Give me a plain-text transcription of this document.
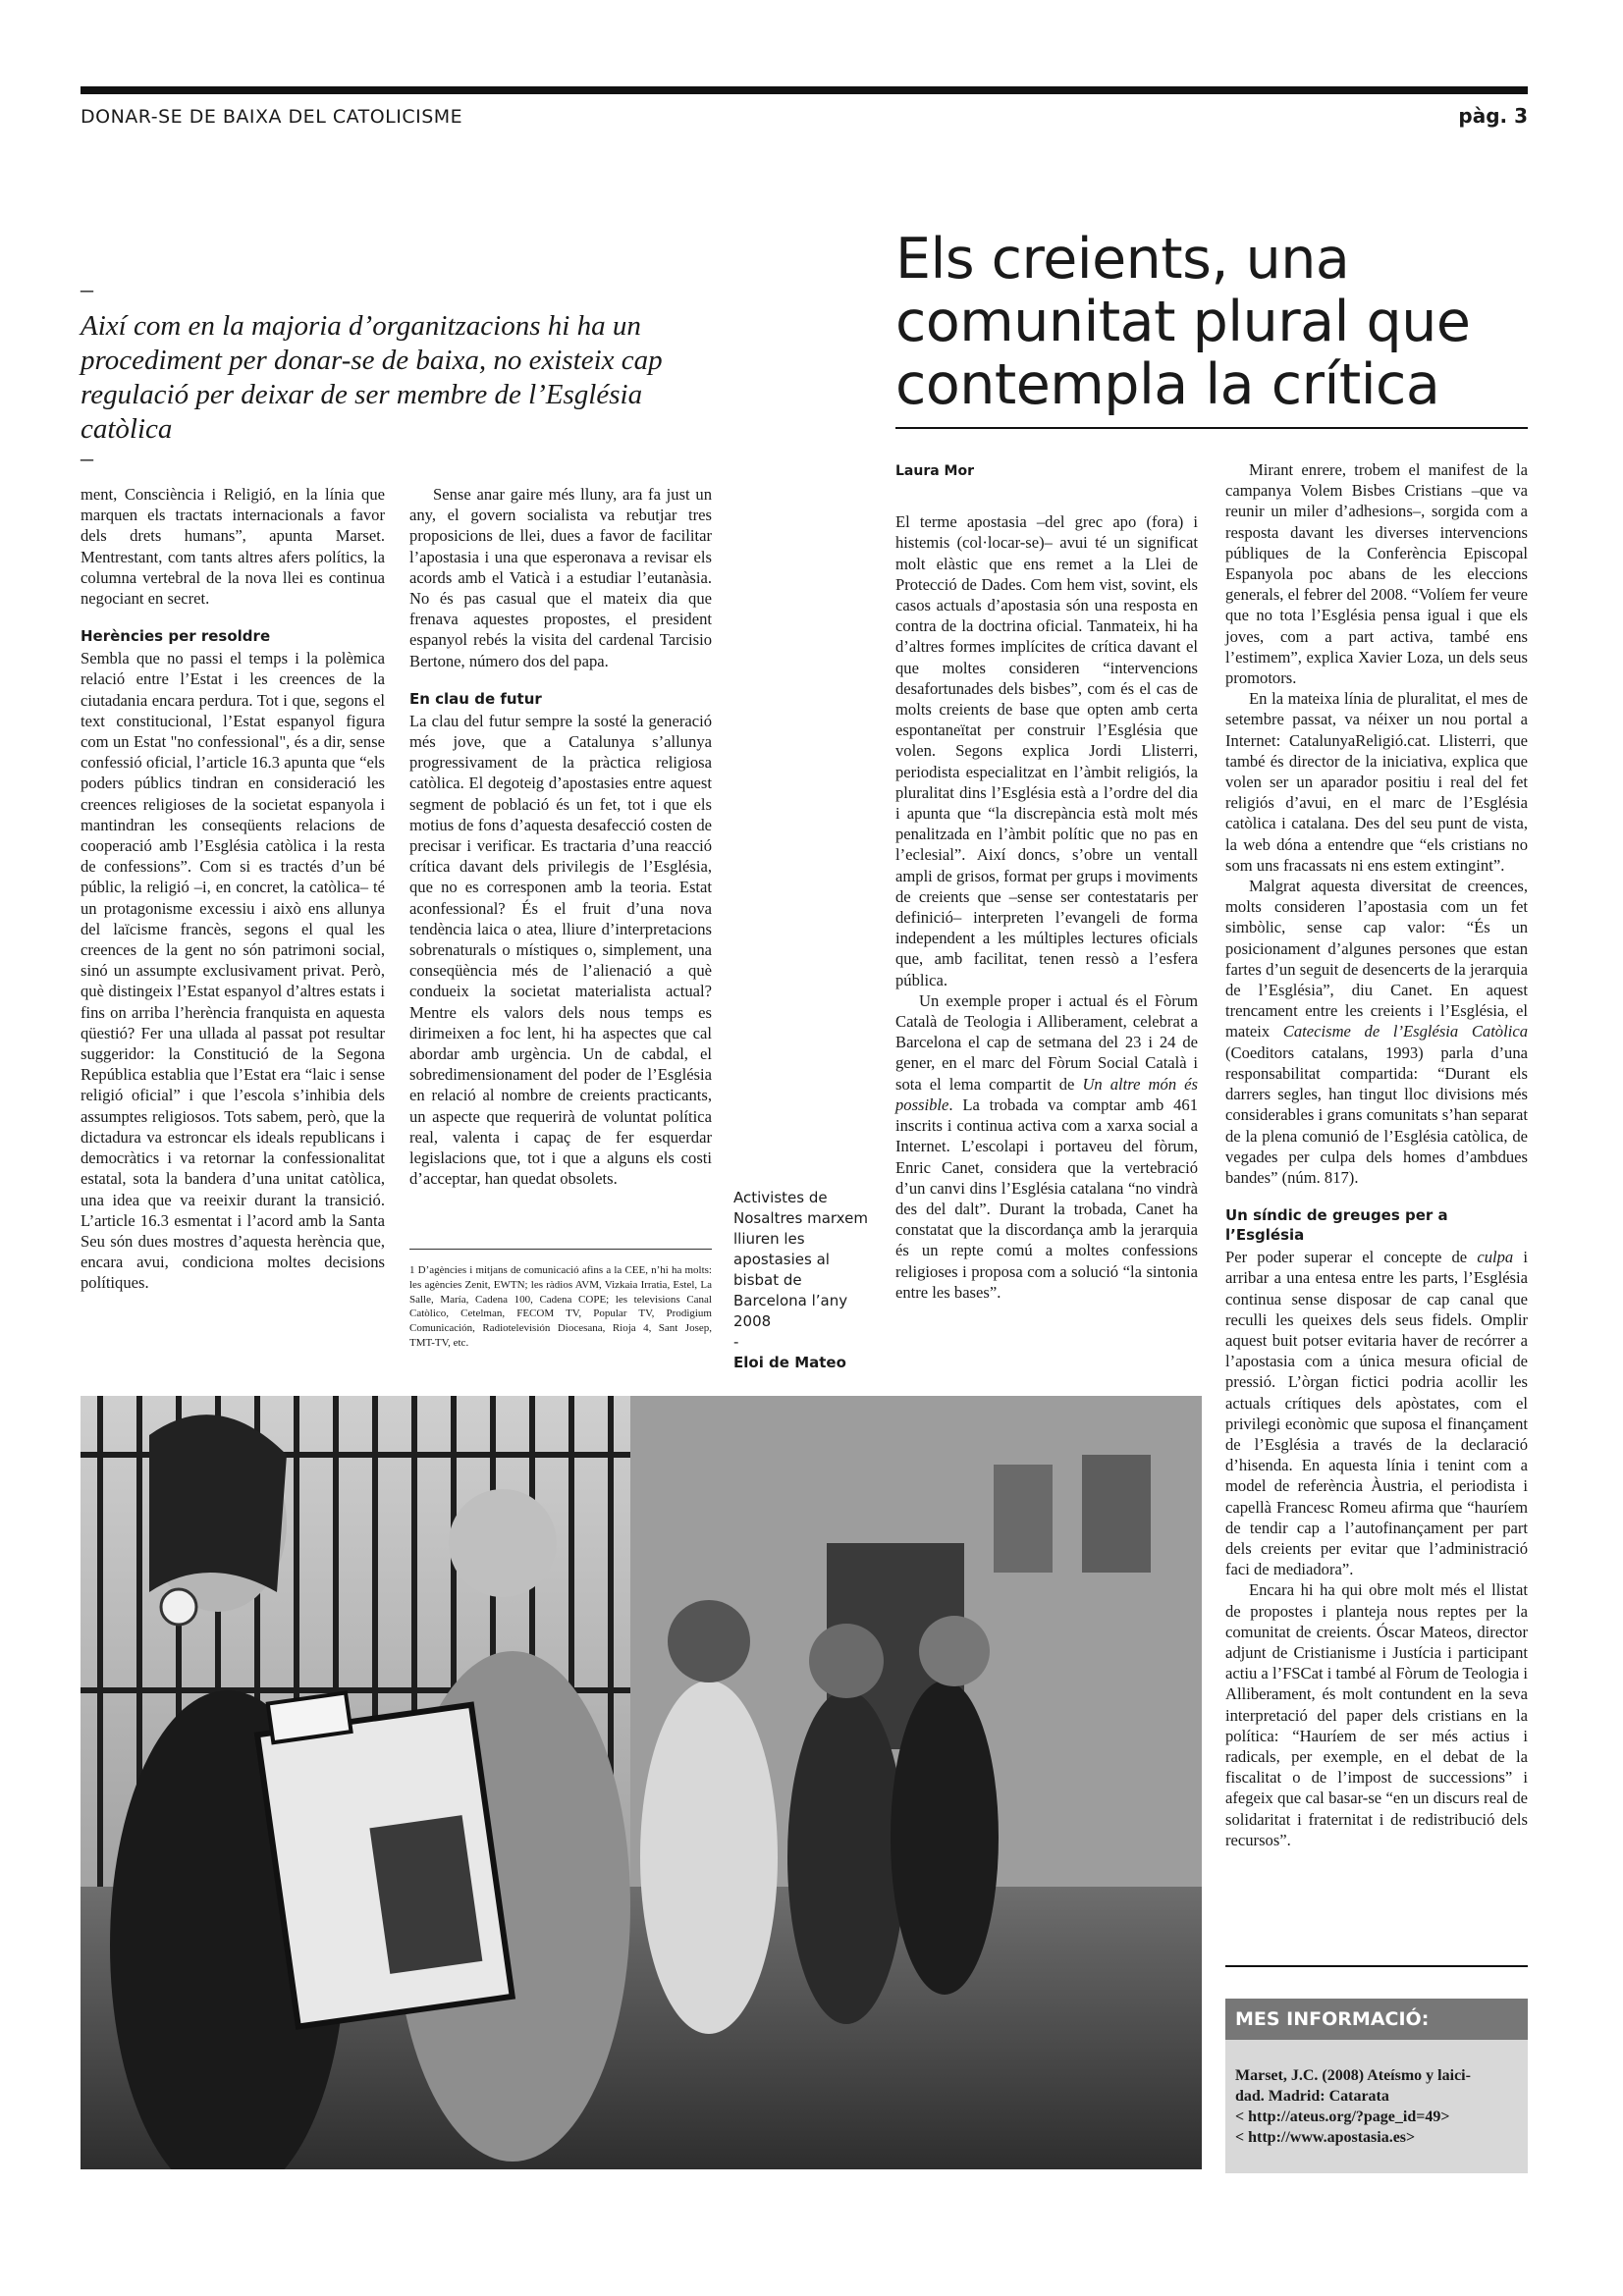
DONAR-SE DE BAIXA DEL CATOLICISME	pàg. 3
–
Així com en la majoria d’organitzacions hi ha un procediment per donar-se de baixa, no existeix cap regulació per deixar de ser membre de l’Església catòlica
–
Els creients, una comunitat plural que contempla la crítica

ment, Consciència i Religió, en la línia que marquen els tractats internacionals a favor dels drets humans”, apunta Marset. Mentrestant, com tants altres afers polítics, la columna vertebral de la nova llei es continua negociant en secret.

Herències per resoldre

Sembla que no passi el temps i la polèmica relació entre l’Estat i les creences de la ciutadania encara perdura. Tot i que, segons el text constitucional, l’Estat espanyol figura com un Estat "no confessional", és a dir, sense confessió oficial, l’article 16.3 apunta que “els poders públics tindran en consideració les creences religioses de la societat espanyola i mantindran les conseqüents relacions de cooperació amb l’Església catòlica i la resta de confessions”. Com si es tractés d’un bé públic, la religió –i, en concret, la catòlica– té un protagonisme excessiu i això ens allunya del laïcisme francès, segons el qual les creences de la gent no són patrimoni social, sinó un assumpte exclusivament privat. Però, què distingeix l’Estat espanyol d’altres estats i fins on arriba l’herència franquista en aquesta qüestió? Fer una ullada al passat pot resultar suggeridor: la Constitució de la Segona República establia que l’Estat era “laic i sense religió oficial” i que l’escola s’inhibia dels assumptes religiosos. Tots sabem, però, que la dictadura va estroncar els ideals republicans i democràtics i va retornar la confessionalitat estatal, sota la bandera d’una unitat catòlica, una idea que va reeixir durant la transició. L’article 16.3 esmentat i l’acord amb la Santa Seu són dues mostres d’aquesta herència que, encara avui, condiciona moltes decisions polítiques.

Sense anar gaire més lluny, ara fa just un any, el govern socialista va rebutjar tres proposicions de llei, dues a favor de facilitar l’apostasia i una que esperonava a revisar els acords amb el Vaticà i a estudiar l’eutanàsia. No és pas casual que el mateix dia que frenava aquestes propostes, el president espanyol rebés la visita del cardenal Tarcisio Bertone, número dos del papa.

En clau de futur

La clau del futur sempre la sosté la generació més jove, que a Catalunya s’allunya progressivament de la pràctica religiosa catòlica. El degoteig d’apostasies entre aquest segment de població és un fet, tot i que els motius de fons d’aquesta desafecció costen de precisar i verificar. Es tractaria d’una reacció crítica davant dels privilegis de l’Església, que no es corresponen amb la teoria. Estat aconfessional? És el fruit d’una nova tendència laica o atea, lliure d’interpretacions sobrenaturals o místiques o, simplement, una conseqüència més de l’alienació a què condueix la societat materialista actual? Mentre els valors dels nous temps es dirimeixen a foc lent, hi ha aspectes que cal abordar amb urgència. Un de cabdal, el sobredimensionament del poder de l’Església en relació al nombre de creients practicants, un aspecte que requerirà de voluntat política real, valenta i capaç de fer esquerdar legislacions que, tot i que a alguns els costi d’acceptar, han quedat obsolets.

1 D’agències i mitjans de comunicació afins a la CEE, n’hi ha molts: les agències Zenit, EWTN; les ràdios AVM, Vizkaia Irratia, Estel, La Salle, María, Cadena 100, Cadena COPE; les televisions Canal Catòlico, Cetelman, FECOM TV, Popular TV, Prodigium Comunicación, Radiotelevisión Diocesana, Rioja 4, Sant Josep, TMT-TV, etc.
Activistes de Nosaltres marxem lliuren les apostasies al bisbat de Barcelona l’any 2008
-
Eloi de Mateo
Laura Mor

El terme apostasia –del grec apo (fora) i histemis (col·locar-se)– avui té un significat molt elàstic que ens remet a la Llei de Protecció de Dades. Com hem vist, sovint, els casos actuals d’apostasia són una resposta en contra de la doctrina oficial. Tanmateix, hi ha d’altres formes implícites de crítica davant el que moltes consideren “intervencions desafortunades dels bisbes”, com és el cas de molts creients de base que opten amb certa espontaneïtat per construir l’Església que volen. Segons explica Jordi Llisterri, periodista especialitzat en l’àmbit religiós, la pluralitat dins l’Església està a l’ordre del dia i apunta que “la discrepància està molt més penalitzada en l’àmbit polític que no pas en l’eclesial”. Així doncs, s’obre un ventall ampli de grisos, format per grups i moviments de creients que –sense ser contestataris per definició– interpreten l’evangeli de forma independent a les múltiples lectures oficials que, amb facilitat, tenen ressò a l’esfera pública.

Un exemple proper i actual és el Fòrum Català de Teologia i Alliberament, celebrat a Barcelona el cap de setmana del 23 i 24 de gener, en el marc del Fòrum Social Català i sota el lema compartit de Un altre món és possible. La trobada va comptar amb 461 inscrits i continua activa com a xarxa social a Internet. L’escolapi i portaveu del fòrum, Enric Canet, considera que la vertebració d’un canvi dins l’Església catalana “no vindrà des del dalt”. Durant la trobada, Canet ha constatat que la discordança amb la jerarquia és un repte comú a moltes confessions religioses i proposa com a solució “la sintonia entre les bases”.

Mirant enrere, trobem el manifest de la campanya Volem Bisbes Cristians –que va reunir un miler d’adhesions–, sorgida com a resposta davant les diverses intervencions públiques de la Conferència Episcopal Espanyola poc abans de les eleccions generals, el febrer del 2008. “Volíem fer veure que no tota l’Església pensa igual i que els joves, com a part activa, també ens l’estimem”, explica Xavier Loza, un dels seus promotors.

En la mateixa línia de pluralitat, el mes de setembre passat, va néixer un nou portal a Internet: CatalunyaReligió.cat. Llisterri, que també és director de la iniciativa, explica que volen ser un aparador positiu i real del fet religiós d’avui, en el marc de l’Església catòlica i catalana. Des del seu punt de vista, la web dóna a entendre que “els cristians no som uns fracassats ni ens estem extingint”.

Malgrat aquesta diversitat de creences, molts consideren l’apostasia com un fet simbòlic, sense cap valor: “És un posicionament d’algunes persones que estan fartes d’un seguit de desencerts de la jerarquia de l’Església”, diu Canet. En aquest trencament entre les creients i l’Església, el mateix Catecisme de l’Església Catòlica (Coeditors catalans, 1993) parla d’una responsabilitat compartida: “Durant els darrers segles, han tingut lloc divisions més considerables i grans comunitats s’han separat de la plena comunió de l’Església catòlica, de vegades per culpa dels homes d’ambdues bandes” (núm. 817).

Un síndic de greuges per a l’Església

Per poder superar el concepte de culpa i arribar a una entesa entre les parts, l’Església continua sense disposar de cap canal que reculli les queixes dels seus fidels. Omplir aquest buit potser evitaria haver de recórrer a l’apostasia com a única mesura oficial de pressió. L’òrgan fictici podria acollir les actuals crítiques dels apòstates, com el privilegi econòmic que suposa el finançament de l’Església a través de la declaració d’hisenda. En aquesta línia i tenint com a model de referència Àustria, el periodista i capellà Francesc Romeu afirma que “hauríem de tendir cap a l’autofinançament per part dels creients per evitar que l’administració faci de mediadora”.

Encara hi ha qui obre molt més el llistat de propostes i planteja nous reptes per la comunitat de creients. Óscar Mateos, director adjunt de Cristianisme i Justícia i participant actiu a l’FSCat i també al Fòrum de Teologia i Alliberament, és molt contundent en la seva interpretació del paper dels cristians en la política: “Hauríem de ser més actius i radicals, per exemple, en el debat de la fiscalitat o de l’impost de successions” i afegeix que cal basar-se “en un discurs real de solidaritat i fraternitat i de redistribució dels recursos”.

MES INFORMACIÓ:
Marset, J.C. (2008) Ateísmo y laici-
dad. Madrid: Catarata
< http://ateus.org/?page_id=49>
< http://www.apostasia.es>
